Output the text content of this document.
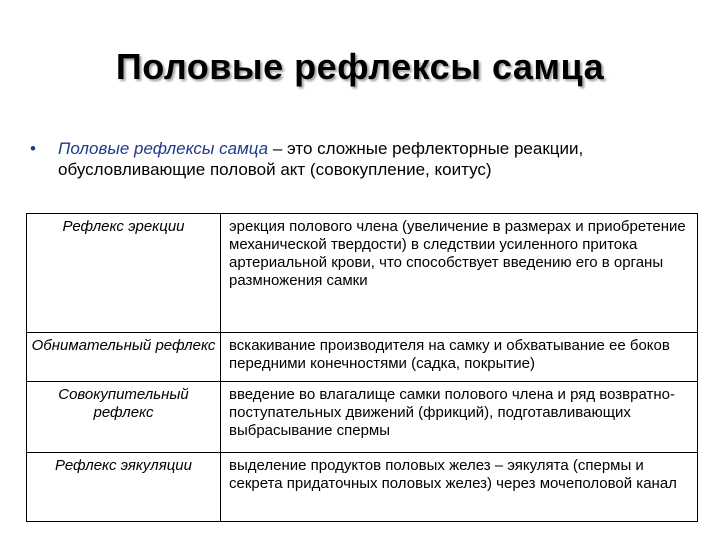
Половые рефлексы самца
• Половые рефлексы самца – это сложные рефлекторные реакции, обусловливающие половой акт (совокупление, коитус)
Рефлекс эрекции	эрекция полового члена (увеличение в размерах и приобретение механической твердости) в следствии усиленного притока артериальной крови, что способствует введению его в органы размножения самки
Обнимательный рефлекс	вскакивание производителя на самку и обхватывание ее боков передними конечностями (садка, покрытие)
Совокупительный рефлекс	введение во влагалище самки полового члена и ряд возвратно-поступательных движений (фрикций), подготавливающих выбрасывание спермы
Рефлекс эякуляции	выделение продуктов половых желез – эякулята (спермы и секрета придаточных половых желез) через мочеполовой канал
